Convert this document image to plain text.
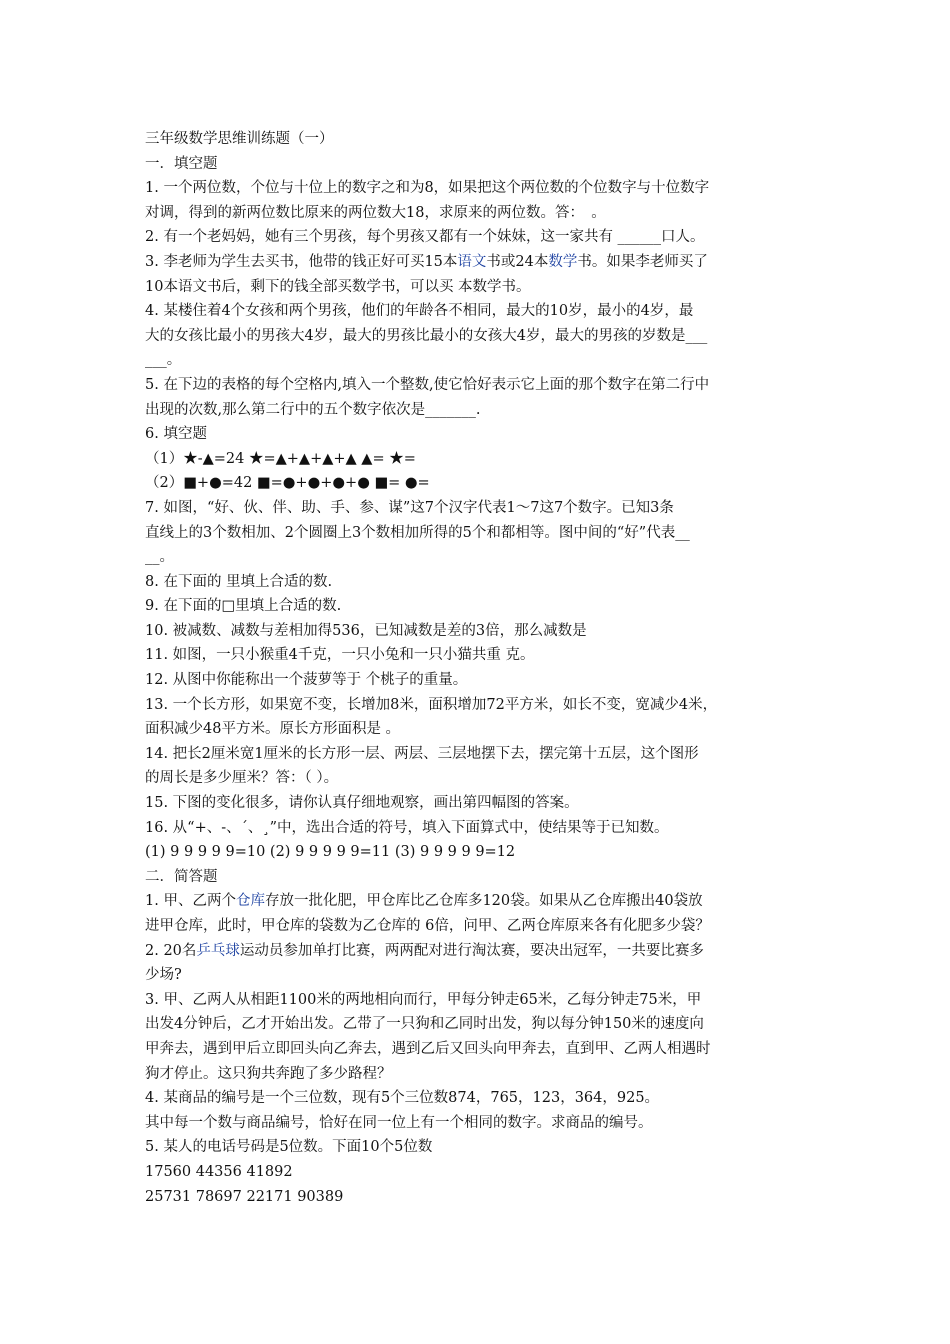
三年级数学思维训练题（一）
一．填空题
1. 一个两位数，个位与十位上的数字之和为8，如果把这个两位数的个位数字与十位数字
对调，得到的新两位数比原来的两位数大18，求原来的两位数。答：　。
2. 有一个老妈妈，她有三个男孩，每个男孩又都有一个妹妹，这一家共有 ______口人。
3. 李老师为学生去买书，他带的钱正好可买15本语文书或24本数学书。如果李老师买了
10本语文书后，剩下的钱全部买数学书，可以买 本数学书。
4. 某楼住着4个女孩和两个男孩，他们的年龄各不相同，最大的10岁，最小的4岁，最
大的女孩比最小的男孩大4岁，最大的男孩比最小的女孩大4岁，最大的男孩的岁数是___
___。
5. 在下边的表格的每个空格内,填入一个整数,使它恰好表示它上面的那个数字在第二行中
出现的次数,那么第二行中的五个数字依次是_______.
6. 填空题
（1）★-▲=24 ★=▲+▲+▲+▲ ▲= ★=
（2）■+●=42 ■=●+●+●+● ■= ●=
7. 如图，“好、伙、伴、助、手、参、谋”这7个汉字代表1～7这7个数字。已知3条
直线上的3个数相加、2个圆圈上3个数相加所得的5个和都相等。图中间的“好”代表__
__。
8. 在下面的 里填上合适的数.
9. 在下面的□里填上合适的数.
10. 被减数、减数与差相加得536，已知减数是差的3倍，那么减数是
11. 如图，一只小猴重4千克，一只小兔和一只小猫共重 克。
12. 从图中你能称出一个菠萝等于 个桃子的重量。
13. 一个长方形，如果宽不变，长增加8米，面积增加72平方米，如长不变，宽减少4米，
面积减少48平方米。原长方形面积是 。
14. 把长2厘米宽1厘米的长方形一层、两层、三层地摆下去，摆完第十五层，这个图形
的周长是多少厘米？答：（ ）。
15. 下图的变化很多，请你认真仔细地观察，画出第四幅图的答案。
16. 从“+、-、´、¸”中，选出合适的符号，填入下面算式中，使结果等于已知数。
(1) 9 9 9 9 9=10 (2) 9 9 9 9 9=11 (3) 9 9 9 9 9=12
二．简答题
1. 甲、乙两个仓库存放一批化肥，甲仓库比乙仓库多120袋。如果从乙仓库搬出40袋放
进甲仓库，此时，甲仓库的袋数为乙仓库的 6倍，问甲、乙两仓库原来各有化肥多少袋？
2. 20名乒乓球运动员参加单打比赛，两两配对进行淘汰赛，要决出冠军，一共要比赛多
少场?
3. 甲、乙两人从相距1100米的两地相向而行，甲每分钟走65米，乙每分钟走75米，甲
出发4分钟后，乙才开始出发。乙带了一只狗和乙同时出发，狗以每分钟150米的速度向
甲奔去，遇到甲后立即回头向乙奔去，遇到乙后又回头向甲奔去，直到甲、乙两人相遇时
狗才停止。这只狗共奔跑了多少路程？
4. 某商品的编号是一个三位数，现有5个三位数874，765，123，364，925。
其中每一个数与商品编号，恰好在同一位上有一个相同的数字。求商品的编号。
5. 某人的电话号码是5位数。下面10个5位数
17560 44356 41892
25731 78697 22171 90389
